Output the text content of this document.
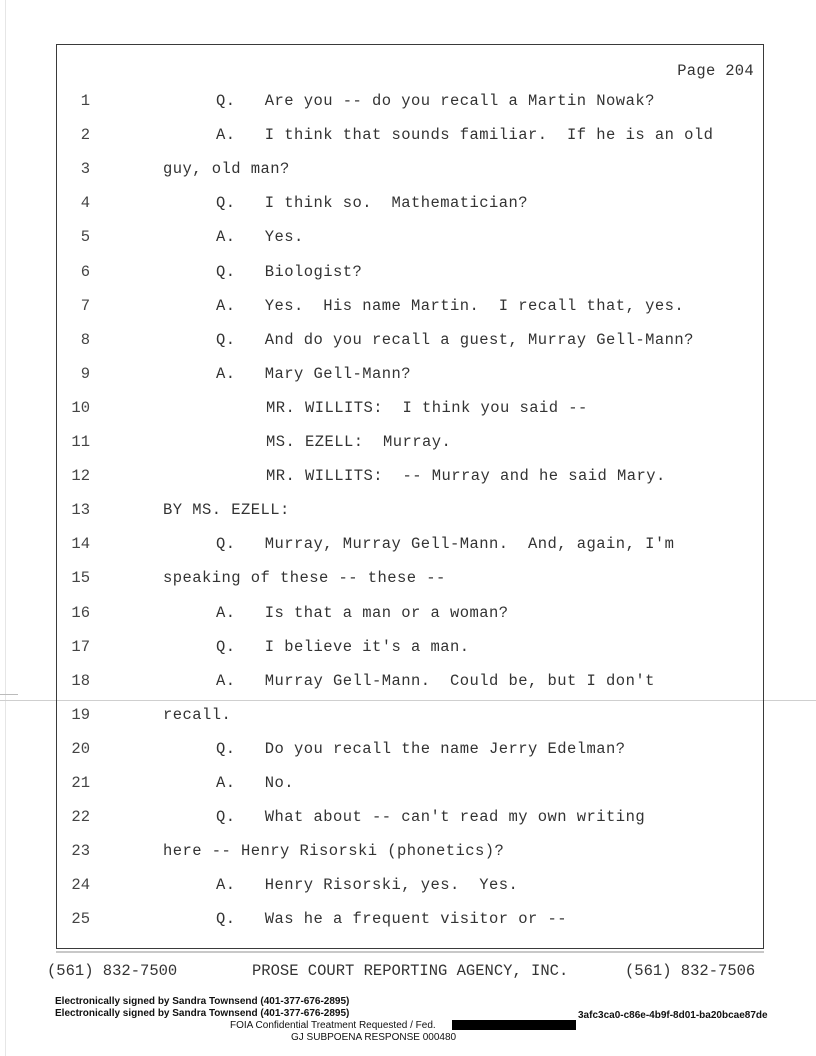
Page 204
1	Q.   Are you -- do you recall a Martin Nowak?
2	A.   I think that sounds familiar.  If he is an old
3	guy, old man?
4	Q.   I think so.  Mathematician?
5	A.   Yes.
6	Q.   Biologist?
7	A.   Yes.  His name Martin.  I recall that, yes.
8	Q.   And do you recall a guest, Murray Gell-Mann?
9	A.   Mary Gell-Mann?
10	MR. WILLITS:  I think you said --
11	MS. EZELL:  Murray.
12	MR. WILLITS:  -- Murray and he said Mary.
13	BY MS. EZELL:
14	Q.   Murray, Murray Gell-Mann.  And, again, I'm
15	speaking of these -- these --
16	A.   Is that a man or a woman?
17	Q.   I believe it's a man.
18	A.   Murray Gell-Mann.  Could be, but I don't
19	recall.
20	Q.   Do you recall the name Jerry Edelman?
21	A.   No.
22	Q.   What about -- can't read my own writing
23	here -- Henry Risorski (phonetics)?
24	A.   Henry Risorski, yes.  Yes.
25	Q.   Was he a frequent visitor or --
(561) 832-7500	PROSE COURT REPORTING AGENCY, INC.	(561) 832-7506
Electronically signed by Sandra Townsend (401-377-676-2895)
Electronically signed by Sandra Townsend (401-377-676-2895)	3afc3ca0-c86e-4b9f-8d01-ba20bcae87de
FOIA Confidential Treatment Requested / Fed.
GJ SUBPOENA RESPONSE 000480
